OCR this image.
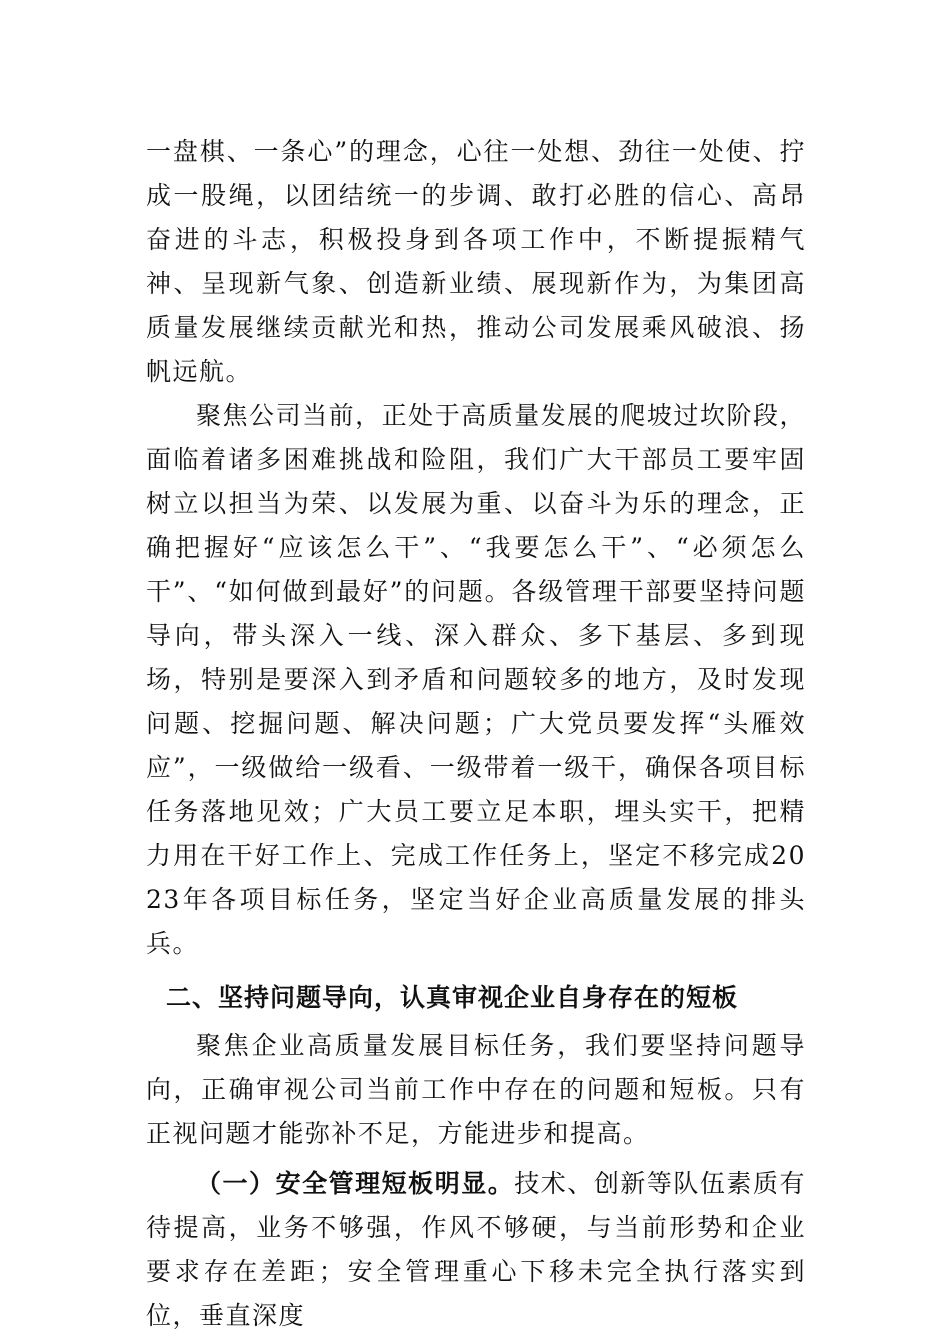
一盘棋、一条心”的理念，心往一处想、劲往一处使、拧成一股绳，以团结统一的步调、敢打必胜的信心、高昂奋进的斗志，积极投身到各项工作中，不断提振精气神、呈现新气象、创造新业绩、展现新作为，为集团高质量发展继续贡献光和热，推动公司发展乘风破浪、扬帆远航。

聚焦公司当前，正处于高质量发展的爬坡过坎阶段，面临着诸多困难挑战和险阻，我们广大干部员工要牢固树立以担当为荣、以发展为重、以奋斗为乐的理念，正确把握好“应该怎么干”、“我要怎么干”、“必须怎么干”、“如何做到最好”的问题。各级管理干部要坚持问题导向，带头深入一线、深入群众、多下基层、多到现场，特别是要深入到矛盾和问题较多的地方，及时发现问题、挖掘问题、解决问题；广大党员要发挥“头雁效应”，一级做给一级看、一级带着一级干，确保各项目标任务落地见效；广大员工要立足本职，埋头实干，把精力用在干好工作上、完成工作任务上，坚定不移完成2023年各项目标任务，坚定当好企业高质量发展的排头兵。

二、坚持问题导向，认真审视企业自身存在的短板

聚焦企业高质量发展目标任务，我们要坚持问题导向，正确审视公司当前工作中存在的问题和短板。只有正视问题才能弥补不足，方能进步和提高。

（一）安全管理短板明显。技术、创新等队伍素质有待提高，业务不够强，作风不够硬，与当前形势和企业要求存在差距；安全管理重心下移未完全执行落实到位，垂直深度
